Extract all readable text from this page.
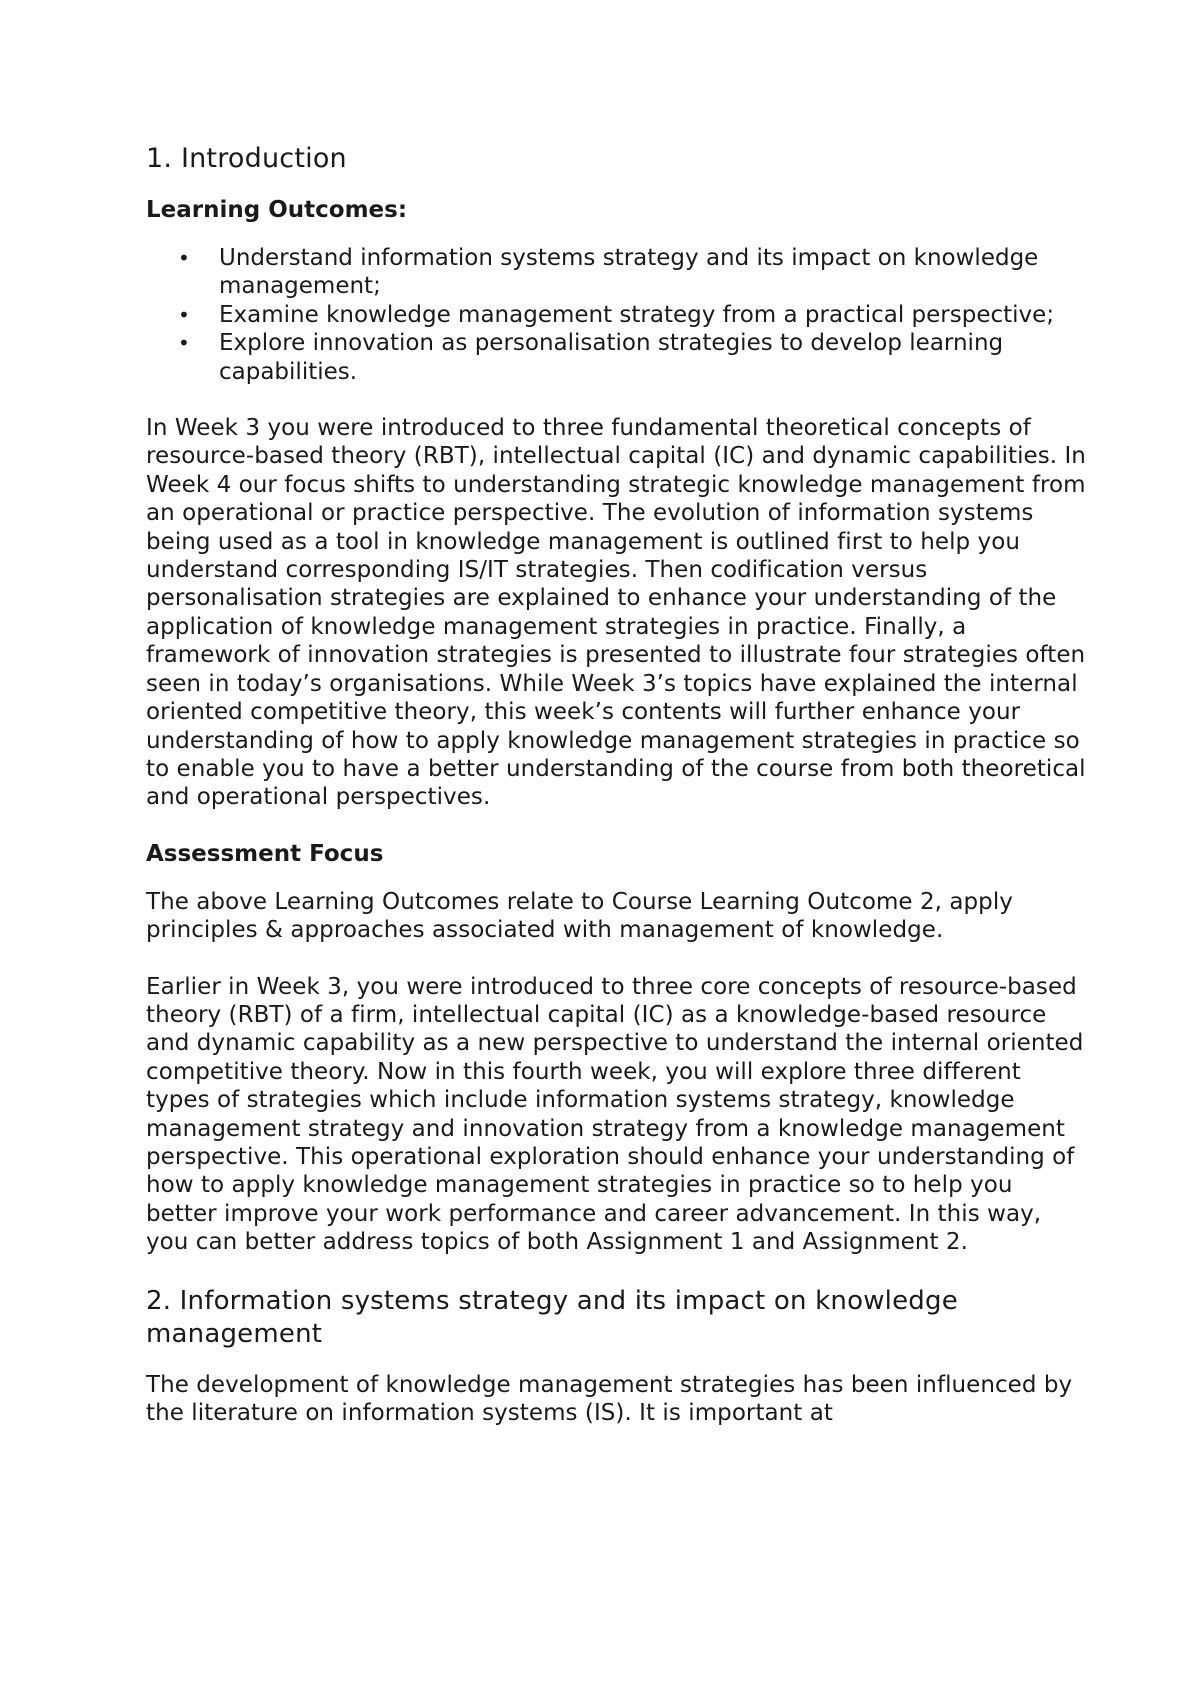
1. Introduction
Learning Outcomes:
• Understand information systems strategy and its impact on knowledge management;
• Examine knowledge management strategy from a practical perspective;
• Explore innovation as personalisation strategies to develop learning capabilities.

In Week 3 you were introduced to three fundamental theoretical concepts of resource-based theory (RBT), intellectual capital (IC) and dynamic capabilities. In Week 4 our focus shifts to understanding strategic knowledge management from an operational or practice perspective. The evolution of information systems being used as a tool in knowledge management is outlined first to help you understand corresponding IS/IT strategies. Then codification versus personalisation strategies are explained to enhance your understanding of the application of knowledge management strategies in practice. Finally, a framework of innovation strategies is presented to illustrate four strategies often seen in today’s organisations. While Week 3’s topics have explained the internal oriented competitive theory, this week’s contents will further enhance your understanding of how to apply knowledge management strategies in practice so to enable you to have a better understanding of the course from both theoretical and operational perspectives.

Assessment Focus

The above Learning Outcomes relate to Course Learning Outcome 2, apply principles & approaches associated with management of knowledge.

Earlier in Week 3, you were introduced to three core concepts of resource-based theory (RBT) of a firm, intellectual capital (IC) as a knowledge-based resource and dynamic capability as a new perspective to understand the internal oriented competitive theory. Now in this fourth week, you will explore three different types of strategies which include information systems strategy, knowledge management strategy and innovation strategy from a knowledge management perspective. This operational exploration should enhance your understanding of how to apply knowledge management strategies in practice so to help you better improve your work performance and career advancement. In this way, you can better address topics of both Assignment 1 and Assignment 2.

2. Information systems strategy and its impact on knowledge management

The development of knowledge management strategies has been influenced by the literature on information systems (IS). It is important at
